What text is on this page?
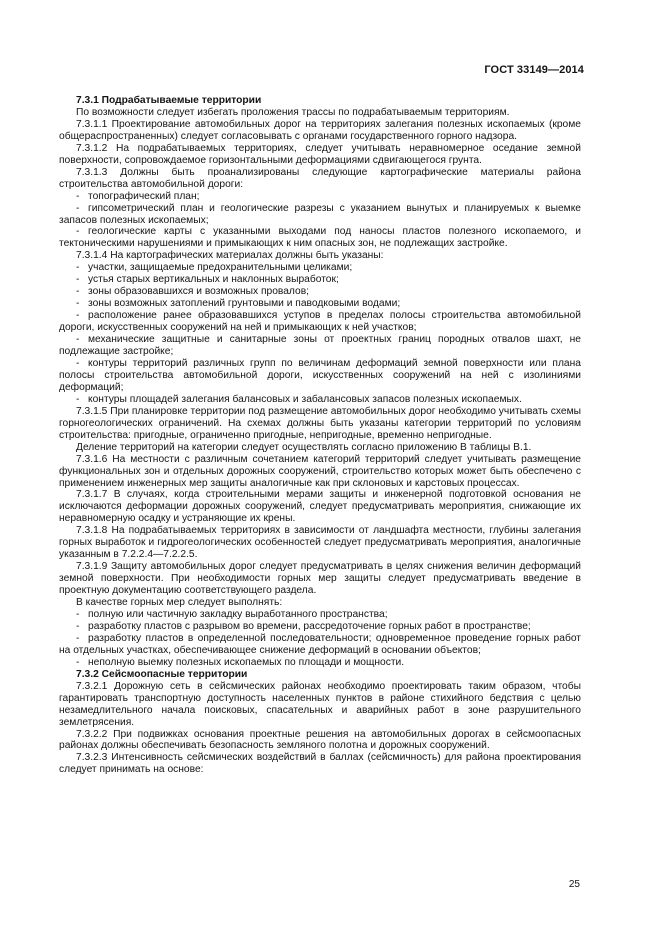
ГОСТ 33149—2014

7.3.1 Подрабатываемые территории

По возможности следует избегать проложения трассы по подрабатываемым территориям.

7.3.1.1 Проектирование автомобильных дорог на территориях залегания полезных ископаемых (кроме общераспространенных) следует согласовывать с органами государственного горного надзора.

7.3.1.2 На подрабатываемых территориях, следует учитывать неравномерное оседание земной поверхности, сопровождаемое горизонтальными деформациями сдвигающегося грунта.

7.3.1.3 Должны быть проанализированы следующие картографические материалы района строительства автомобильной дороги:

- топографический план;

- гипсометрический план и геологические разрезы с указанием вынутых и планируемых к выемке запасов полезных ископаемых;

- геологические карты с указанными выходами под наносы пластов полезного ископаемого, и тектоническими нарушениями и примыкающих к ним опасных зон, не подлежащих застройке.

7.3.1.4 На картографических материалах должны быть указаны:

- участки, защищаемые предохранительными целиками;

- устья старых вертикальных и наклонных выработок;

- зоны образовавшихся и возможных провалов;

- зоны возможных затоплений грунтовыми и паводковыми водами;

- расположение ранее образовавшихся уступов в пределах полосы строительства автомобильной дороги, искусственных сооружений на ней и примыкающих к ней участков;

- механические защитные и санитарные зоны от проектных границ породных отвалов шахт, не подлежащие застройке;

- контуры территорий различных групп по величинам деформаций земной поверхности или плана полосы строительства автомобильной дороги, искусственных сооружений на ней с изолиниями деформаций;

- контуры площадей залегания балансовых и забалансовых запасов полезных ископаемых.

7.3.1.5 При планировке территории под размещение автомобильных дорог необходимо учитывать схемы горногеологических ограничений. На схемах должны быть указаны категории территорий по условиям строительства: пригодные, ограниченно пригодные, непригодные, временно непригодные.

Деление территорий на категории следует осуществлять согласно приложению В таблицы В.1.

7.3.1.6 На местности с различным сочетанием категорий территорий следует учитывать размещение функциональных зон и отдельных дорожных сооружений, строительство которых может быть обеспечено с применением инженерных мер защиты аналогичные как при склоновых и карстовых процессах.

7.3.1.7 В случаях, когда строительными мерами защиты и инженерной подготовкой основания не исключаются деформации дорожных сооружений, следует предусматривать мероприятия, снижающие их неравномерную осадку и устраняющие их крены.

7.3.1.8 На подрабатываемых территориях в зависимости от ландшафта местности, глубины залегания горных выработок и гидрогеологических особенностей следует предусматривать мероприятия, аналогичные указанным в 7.2.2.4—7.2.2.5.

7.3.1.9 Защиту автомобильных дорог следует предусматривать в целях снижения величин деформаций земной поверхности. При необходимости горных мер защиты следует предусматривать введение в проектную документацию соответствующего раздела.

В качестве горных мер следует выполнять:

- полную или частичную закладку выработанного пространства;

- разработку пластов с разрывом во времени, рассредоточение горных работ в пространстве;

- разработку пластов в определенной последовательности; одновременное проведение горных работ на отдельных участках, обеспечивающее снижение деформаций в основании объектов;

- неполную выемку полезных ископаемых по площади и мощности.

7.3.2 Сейсмоопасные территории

7.3.2.1 Дорожную сеть в сейсмических районах необходимо проектировать таким образом, чтобы гарантировать транспортную доступность населенных пунктов в районе стихийного бедствия с целью незамедлительного начала поисковых, спасательных и аварийных работ в зоне разрушительного землетрясения.

7.3.2.2 При подвижках основания проектные решения на автомобильных дорогах в сейсмоопасных районах должны обеспечивать безопасность земляного полотна и дорожных сооружений.

7.3.2.3 Интенсивность сейсмических воздействий в баллах (сейсмичность) для района проектирования следует принимать на основе:

25
